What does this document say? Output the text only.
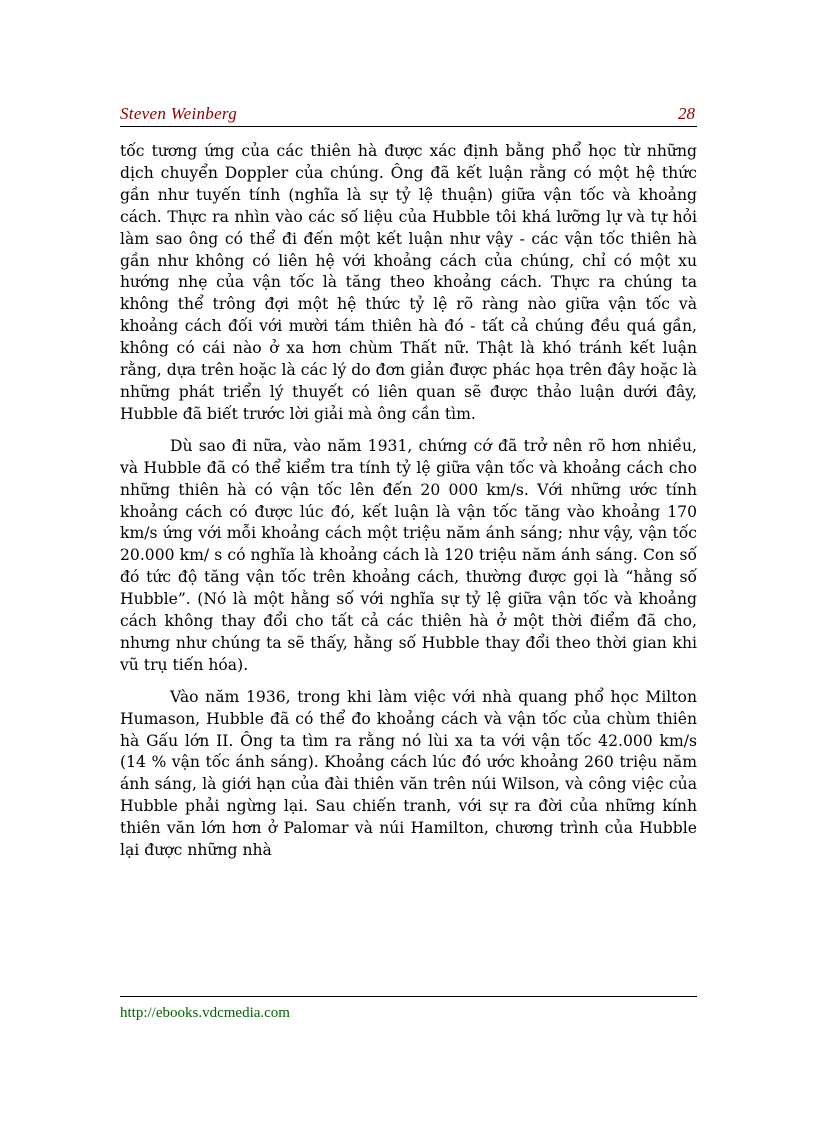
Steven Weinberg	28

tốc tương ứng của các thiên hà được xác định bằng phổ học từ những dịch chuyển Doppler của chúng. Ông đã kết luận rằng có một hệ thức gần như tuyến tính (nghĩa là sự tỷ lệ thuận) giữa vận tốc và khoảng cách. Thực ra nhìn vào các số liệu của Hubble tôi khá lưỡng lự và tự hỏi làm sao ông có thể đi đến một kết luận như vậy - các vận tốc thiên hà gần như không có liên hệ với khoảng cách của chúng, chỉ có một xu hướng nhẹ của vận tốc là tăng theo khoảng cách. Thực ra chúng ta không thể trông đợi một hệ thức tỷ lệ rõ ràng nào giữa vận tốc và khoảng cách đối với mười tám thiên hà đó - tất cả chúng đều quá gần, không có cái nào ở xa hơn chùm Thất nữ. Thật là khó tránh kết luận rằng, dựa trên hoặc là các lý do đơn giản được phác họa trên đây hoặc là những phát triển lý thuyết có liên quan sẽ được thảo luận dưới đây, Hubble đã biết trước lời giải mà ông cần tìm.

Dù sao đi nữa, vào năm 1931, chứng cớ đã trở nên rõ hơn nhiều, và Hubble đã có thể kiểm tra tính tỷ lệ giữa vận tốc và khoảng cách cho những thiên hà có vận tốc lên đến 20 000 km/s. Với những ước tính khoảng cách có được lúc đó, kết luận là vận tốc tăng vào khoảng 170 km/s ứng với mỗi khoảng cách một triệu năm ánh sáng; như vậy, vận tốc 20.000 km/ s có nghĩa là khoảng cách là 120 triệu năm ánh sáng. Con số đó tức độ tăng vận tốc trên khoảng cách, thường được gọi là “hằng số Hubble”. (Nó là một hằng số với nghĩa sự tỷ lệ giữa vận tốc và khoảng cách không thay đổi cho tất cả các thiên hà ở một thời điểm đã cho, nhưng như chúng ta sẽ thấy, hằng số Hubble thay đổi theo thời gian khi vũ trụ tiến hóa).

Vào năm 1936, trong khi làm việc với nhà quang phổ học Milton Humason, Hubble đã có thể đo khoảng cách và vận tốc của chùm thiên hà Gấu lớn II. Ông ta tìm ra rằng nó lùi xa ta với vận tốc 42.000 km/s (14 % vận tốc ánh sáng). Khoảng cách lúc đó ước khoảng 260 triệu năm ánh sáng, là giới hạn của đài thiên văn trên núi Wilson, và công việc của Hubble phải ngừng lại. Sau chiến tranh, với sự ra đời của những kính thiên văn lớn hơn ở Palomar và núi Hamilton, chương trình của Hubble lại được những nhà

http://ebooks.vdcmedia.com
